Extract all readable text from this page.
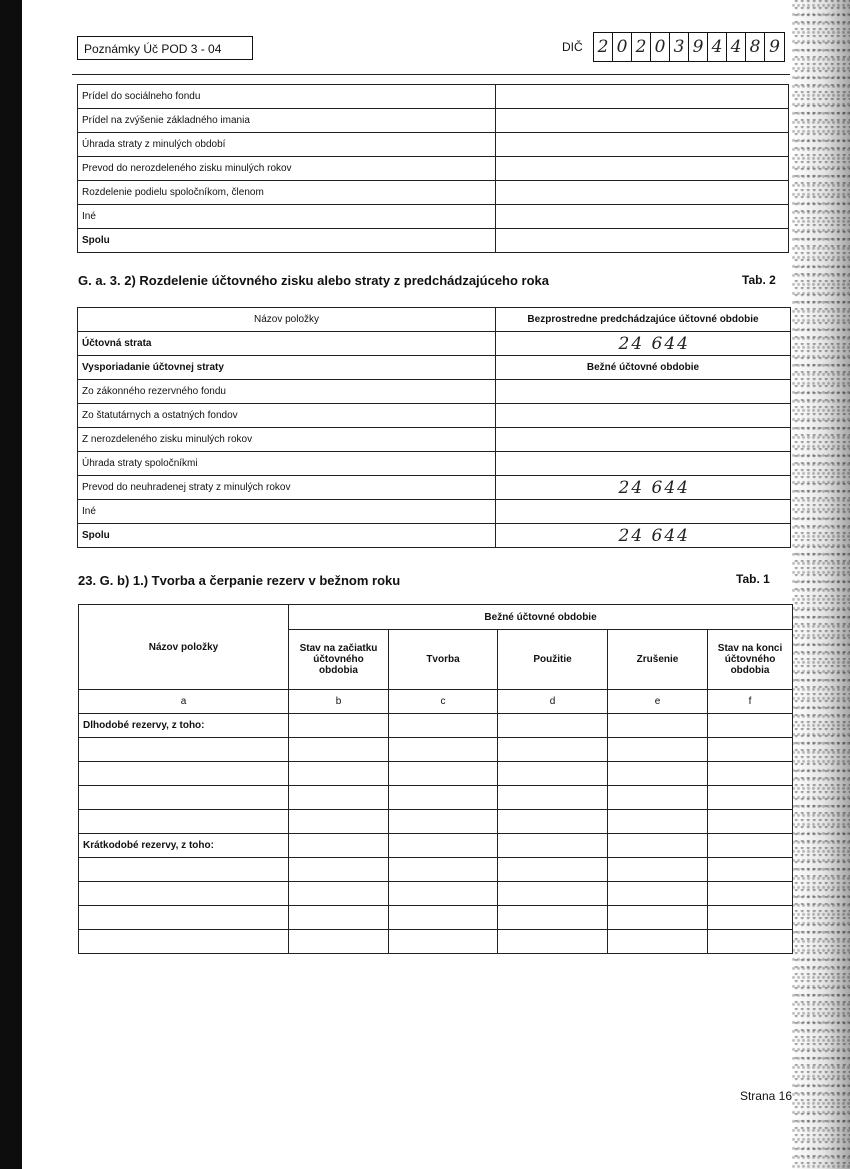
Poznámky Úč POD 3 - 04	DIČ 2 0 2 0 3 9 4 4 8 9
Prídel do sociálneho fondu	
Prídel na zvýšenie základného imania	
Úhrada straty z minulých období	
Prevod do nerozdeleného zisku minulých rokov	
Rozdelenie podielu spoločníkom, členom	
Iné	
Spolu	
G. a. 3. 2) Rozdelenie účtovného zisku alebo straty z predchádzajúceho roka	Tab. 2
Názov položky	Bezprostredne predchádzajúce účtovné obdobie
Účtovná strata	24 644
Vysporiadanie účtovnej straty	Bežné účtovné obdobie
Zo zákonného rezervného fondu	
Zo štatutárnych a ostatných fondov	
Z nerozdeleného zisku minulých rokov	
Úhrada straty spoločníkmi	
Prevod do neuhradenej straty z minulých rokov	24 644
Iné	
Spolu	24 644
23. G. b) 1.) Tvorba a čerpanie rezerv v bežnom roku	Tab. 1
Názov položky	Bežné účtovné obdobie				
	Stav na začiatku účtovného obdobia	Tvorba	Použitie	Zrušenie	Stav na konci účtovného obdobia
a	b	c	d	e	f
Dlhodobé rezervy, z toho:					

Krátkodobé rezervy, z toho:					

Strana 16
